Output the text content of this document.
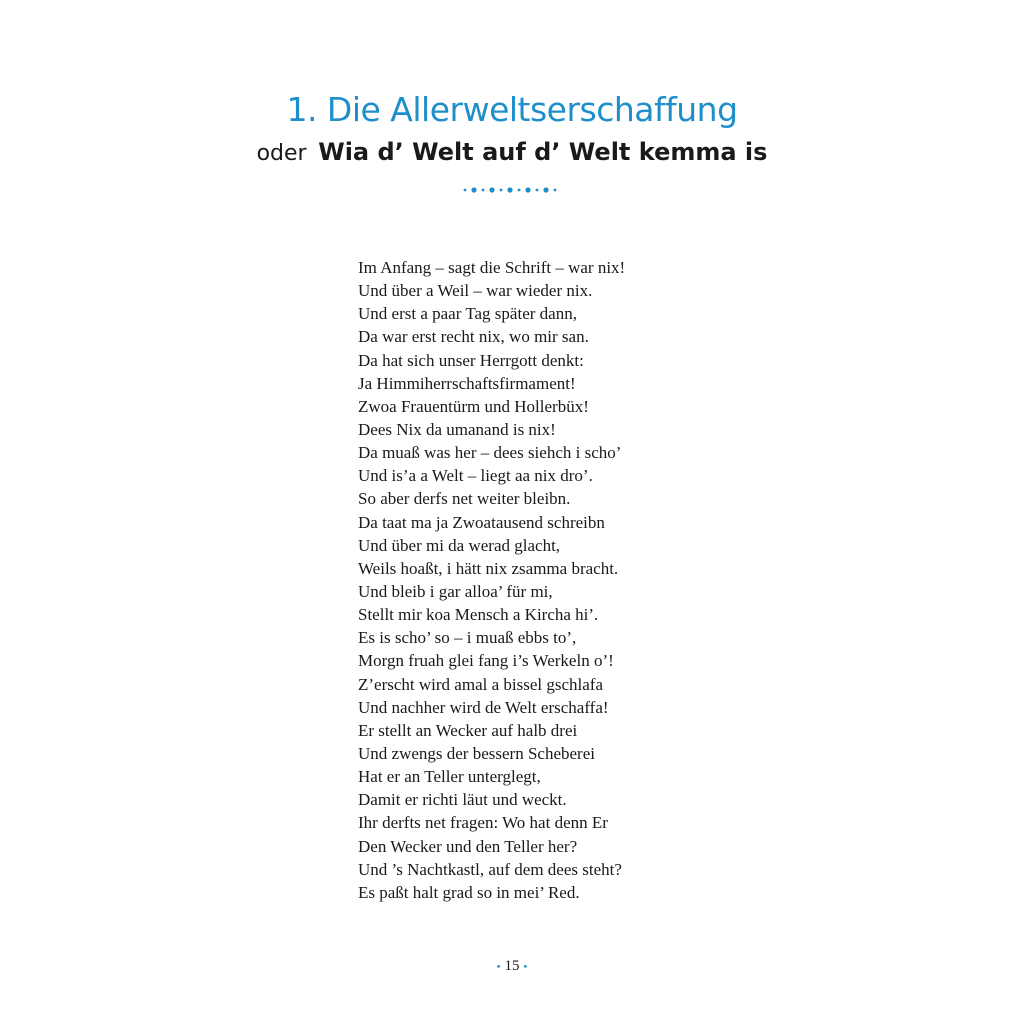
1. Die Allerweltserschaffung

oder Wia d’ Welt auf d’ Welt kemma is

Im Anfang – sagt die Schrift – war nix!
Und über a Weil – war wieder nix.
Und erst a paar Tag später dann,
Da war erst recht nix, wo mir san.
Da hat sich unser Herrgott denkt:
Ja Himmiherrschaftsfirmament!
Zwoa Frauentürm und Hollerbüx!
Dees Nix da umanand is nix!
Da muaß was her – dees siehch i scho’
Und is’a a Welt – liegt aa nix dro’.
So aber derfs net weiter bleibn.
Da taat ma ja Zwoatausend schreibn
Und über mi da werad glacht,
Weils hoaßt, i hätt nix zsamma bracht.
Und bleib i gar alloa’ für mi,
Stellt mir koa Mensch a Kircha hi’.
Es is scho’ so – i muaß ebbs to’,
Morgn fruah glei fang i’s Werkeln o’!
Z’erscht wird amal a bissel gschlafa
Und nachher wird de Welt erschaffa!
Er stellt an Wecker auf halb drei
Und zwengs der bessern Scheberei
Hat er an Teller unterglegt,
Damit er richti läut und weckt.
Ihr derfts net fragen: Wo hat denn Er
Den Wecker und den Teller her?
Und ’s Nachtkastl, auf dem dees steht?
Es paßt halt grad so in mei’ Red.
• 15 •
